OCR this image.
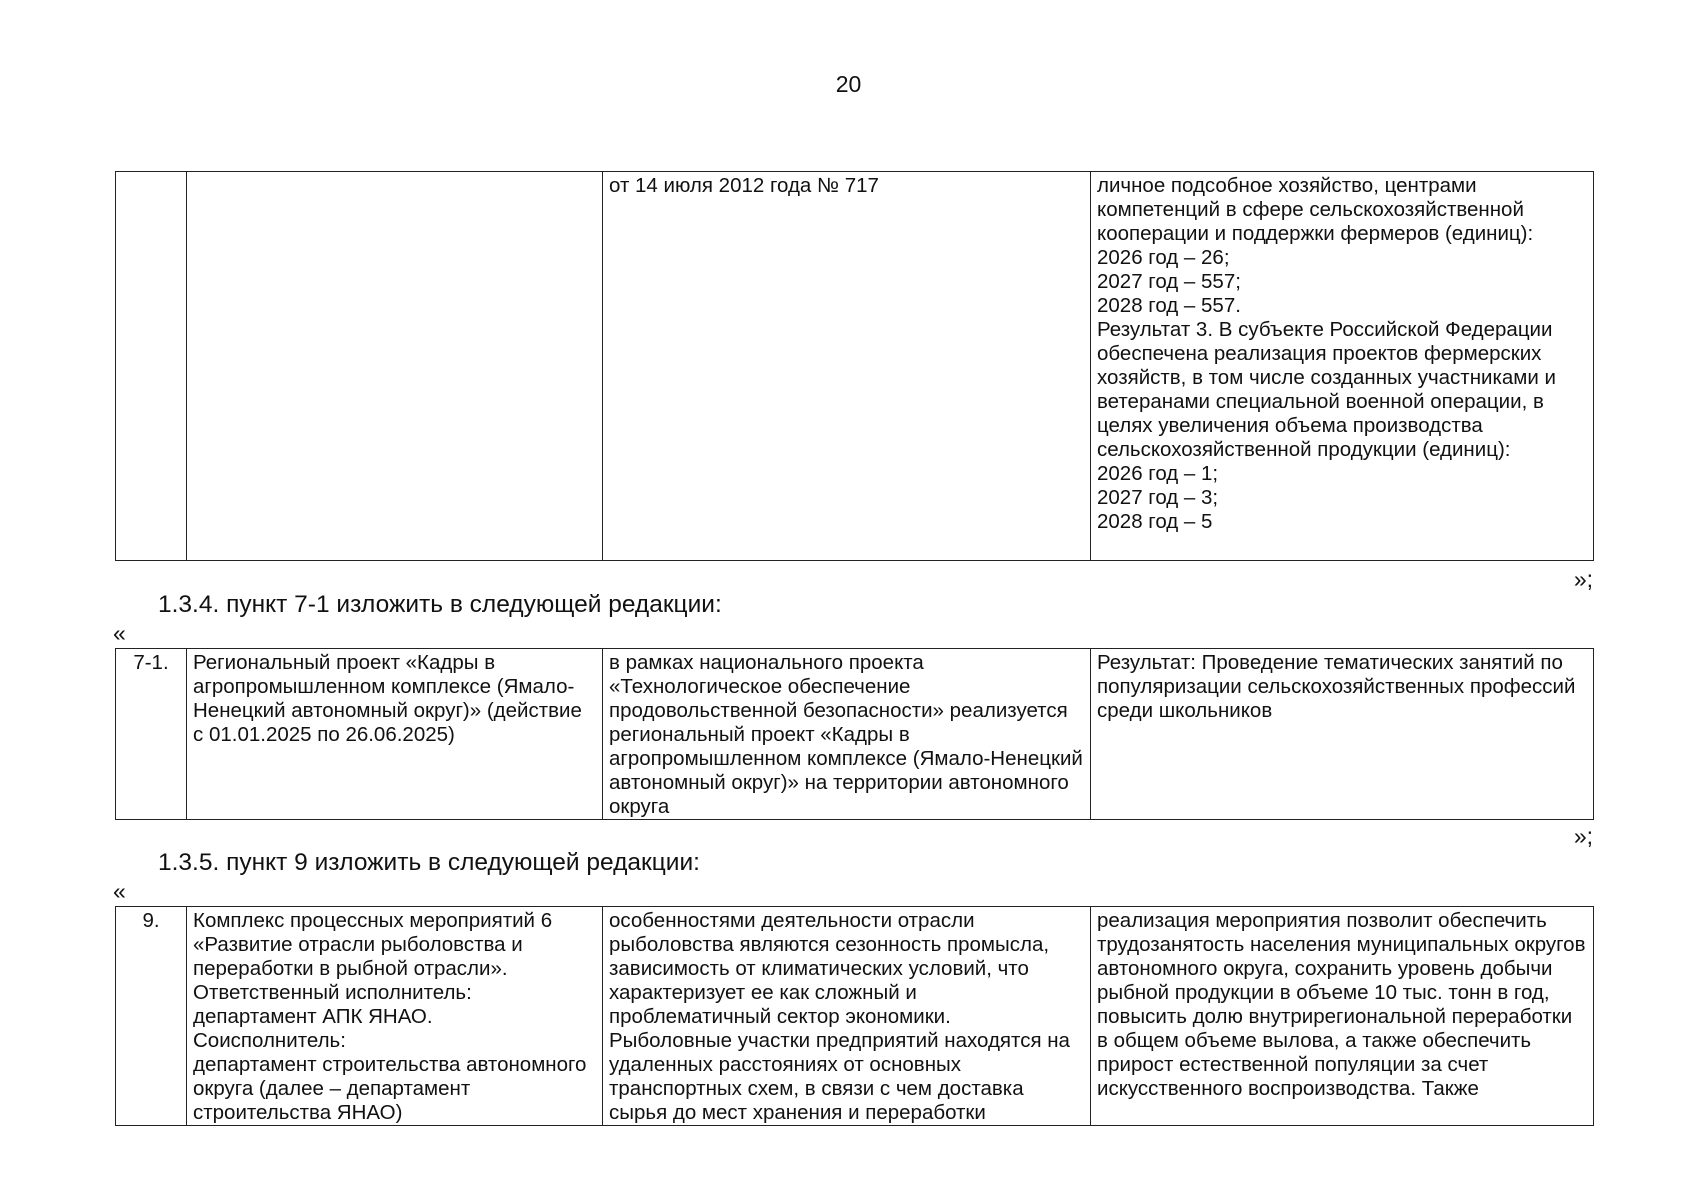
20
		от 14 июля 2012 года № 717	личное подсобное хозяйство, центрами компетенций в сфере сельскохозяйственной кооперации и поддержки фермеров (единиц):
2026 год – 26;
2027 год – 557;
2028 год – 557.
Результат 3. В субъекте Российской Федерации обеспечена реализация проектов фермерских хозяйств, в том числе созданных участниками и ветеранами специальной военной операции, в целях увеличения объема производства сельскохозяйственной продукции (единиц):
2026 год – 1;
2027 год – 3;
2028 год – 5
»;
1.3.4. пункт 7-1 изложить в следующей редакции:
«
7-1.	Региональный проект «Кадры в агропромышленном комплексе (Ямало-Ненецкий автономный округ)» (действие с 01.01.2025 по 26.06.2025)	в рамках национального проекта «Технологическое обеспечение продовольственной безопасности» реализуется региональный проект «Кадры в агропромышленном комплексе (Ямало-Ненецкий автономный округ)» на территории автономного округа	Результат: Проведение тематических занятий по популяризации сельскохозяйственных профессий среди школьников
»;
1.3.5. пункт 9 изложить в следующей редакции:
«
9.	Комплекс процессных мероприятий 6 «Развитие отрасли рыболовства и переработки в рыбной отрасли».
Ответственный исполнитель: департамент АПК ЯНАО.
Соисполнитель:
департамент строительства автономного округа (далее – департамент строительства ЯНАО)	особенностями деятельности отрасли рыболовства являются сезонность промысла, зависимость от климатических условий, что характеризует ее как сложный и проблематичный сектор экономики.
Рыболовные участки предприятий находятся на удаленных расстояниях от основных транспортных схем, в связи с чем доставка сырья до мест хранения и переработки	реализация мероприятия позволит обеспечить трудозанятость населения муниципальных округов автономного округа, сохранить уровень добычи рыбной продукции в объеме 10 тыс. тонн в год, повысить долю внутрирегиональной переработки в общем объеме вылова, а также обеспечить прирост естественной популяции за счет искусственного воспроизводства. Также
